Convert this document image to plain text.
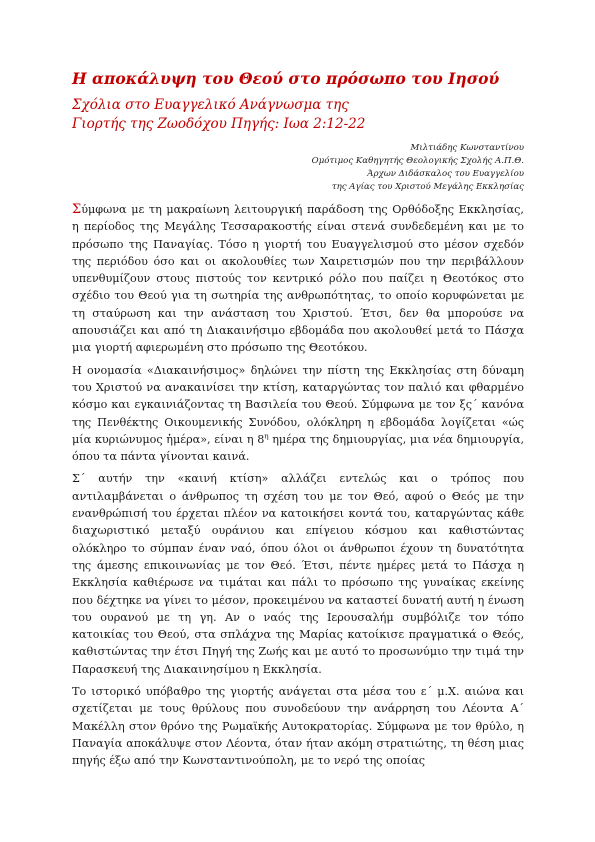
Η αποκάλυψη του Θεού στο πρόσωπο του Ιησού
Σχόλια στο Ευαγγελικό Ανάγνωσμα της
Γιορτής της Ζωοδόχου Πηγής: Ιωα 2:12-22
Μιλτιάδης Κωνσταντίνου
Ομότιμος Καθηγητής Θεολογικής Σχολής Α.Π.Θ.
Άρχων Διδάσκαλος του Ευαγγελίου
της Αγίας του Χριστού Μεγάλης Εκκλησίας

Σύμφωνα με τη μακραίωνη λειτουργική παράδοση της Ορθόδοξης Εκκλησίας, η περίοδος της Μεγάλης Τεσσαρακοστής είναι στενά συνδεδεμένη και με το πρόσωπο της Παναγίας. Τόσο η γιορτή του Ευαγγελισμού στο μέσον σχεδόν της περιόδου όσο και οι ακολουθίες των Χαιρετισμών που την περιβάλλουν υπενθυμίζουν στους πιστούς τον κεντρικό ρόλο που παίζει η Θεοτόκος στο σχέδιο του Θεού για τη σωτηρία της ανθρωπότητας, το οποίο κορυφώνεται με τη σταύρωση και την ανάσταση του Χριστού. Έτσι, δεν θα μπορούσε να απουσιάζει και από τη Διακαινήσιμο εβδομάδα που ακολουθεί μετά το Πάσχα μια γιορτή αφιερωμένη στο πρόσωπο της Θεοτόκου.

Η ονομασία «Διακαινήσιμος» δηλώνει την πίστη της Εκκλησίας στη δύναμη του Χριστού να ανακαινίσει την κτίση, καταργώντας τον παλιό και φθαρμένο κόσμο και εγκαινιάζοντας τη Βασιλεία του Θεού. Σύμφωνα με τον ξς΄ κανόνα της Πενθέκτης Οικουμενικής Συνόδου, ολόκληρη η εβδομάδα λογίζεται «ώς μία κυριώνυμος ἡμέρα», είναι η $8^\eta$ ημέρα της δημιουργίας, μια νέα δημιουργία, όπου τα πάντα γίνονται καινά.

Σ΄ αυτήν την «καινή κτίση» αλλάζει εντελώς και ο τρόπος που αντιλαμβάνεται ο άνθρωπος τη σχέση του με τον Θεό, αφού ο Θεός με την ενανθρώπισή του έρχεται πλέον να κατοικήσει κοντά του, καταργώντας κάθε διαχωριστικό μεταξύ ουράνιου και επίγειου κόσμου και καθιστώντας ολόκληρο το σύμπαν έναν ναό, όπου όλοι οι άνθρωποι έχουν τη δυνατότητα της άμεσης επικοινωνίας με τον Θεό. Έτσι, πέντε ημέρες μετά το Πάσχα η Εκκλησία καθιέρωσε να τιμάται και πάλι το πρόσωπο της γυναίκας εκείνης που δέχτηκε να γίνει το μέσον, προκειμένου να καταστεί δυνατή αυτή η ένωση του ουρανού με τη γη. Αν ο ναός της Ιερουσαλήμ συμβόλιζε τον τόπο κατοικίας του Θεού, στα σπλάχνα της Μαρίας κατοίκισε πραγματικά ο Θεός, καθιστώντας την έτσι Πηγή της Ζωής και με αυτό το προσωνύμιο την τιμά την Παρασκευή της Διακαινησίμου η Εκκλησία.

Το ιστορικό υπόβαθρο της γιορτής ανάγεται στα μέσα του ε΄ μ.Χ. αιώνα και σχετίζεται με τους θρύλους που συνοδεύουν την ανάρρηση του Λέοντα Α΄ Μακέλλη στον θρόνο της Ρωμαϊκής Αυτοκρατορίας. Σύμφωνα με τον θρύλο, η Παναγία αποκάλυψε στον Λέοντα, όταν ήταν ακόμη στρατιώτης, τη θέση μιας πηγής έξω από την Κωνσταντινούπολη, με το νερό της οποίας
